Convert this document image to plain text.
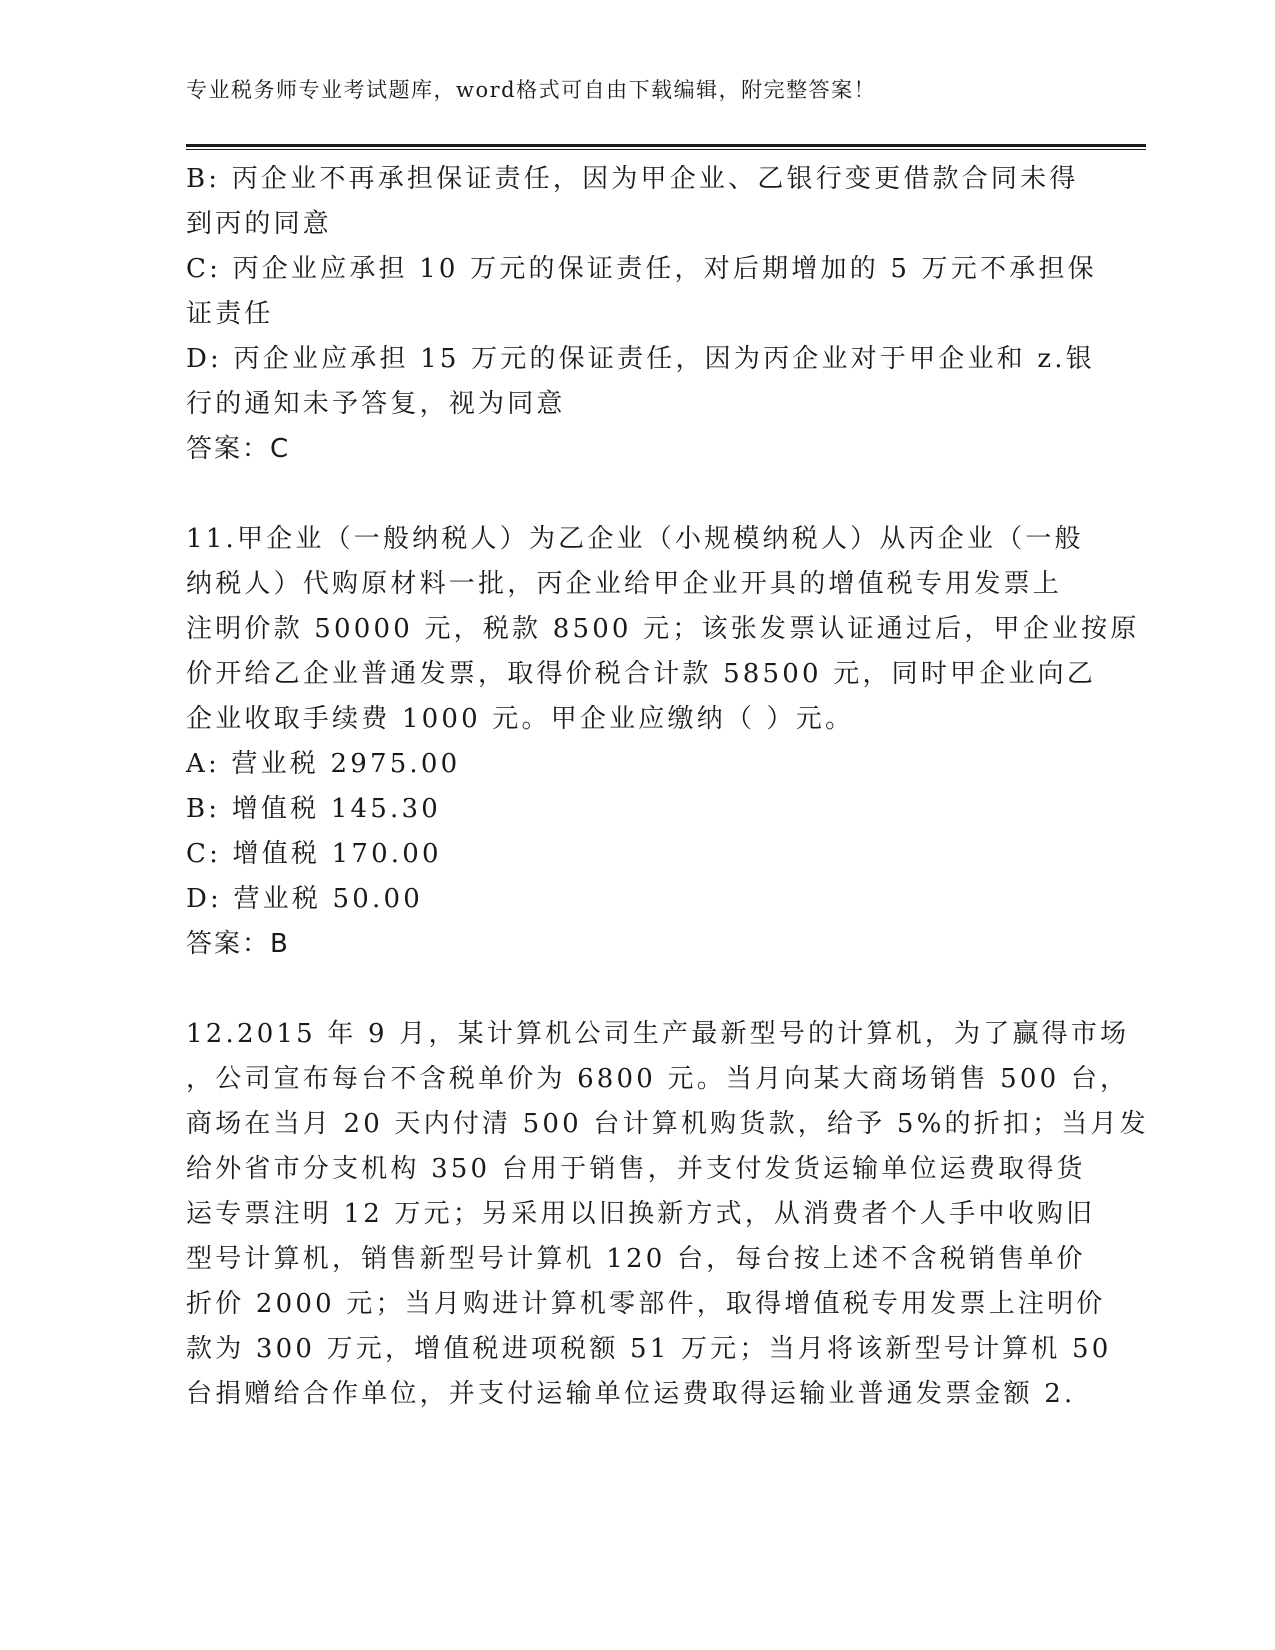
专业税务师专业考试题库，word格式可自由下载编辑，附完整答案！
B: 丙企业不再承担保证责任，因为甲企业、乙银行变更借款合同未得
到丙的同意
C: 丙企业应承担 10 万元的保证责任，对后期增加的 5 万元不承担保
证责任
D: 丙企业应承担 15 万元的保证责任，因为丙企业对于甲企业和 z.银
行的通知未予答复，视为同意
答案：C
11.甲企业（一般纳税人）为乙企业（小规模纳税人）从丙企业（一般
纳税人）代购原材料一批，丙企业给甲企业开具的增值税专用发票上
注明价款 50000 元，税款 8500 元；该张发票认证通过后，甲企业按原
价开给乙企业普通发票，取得价税合计款 58500 元，同时甲企业向乙
企业收取手续费 1000 元。甲企业应缴纳（ ）元。
A: 营业税 2975.00
B: 增值税 145.30
C: 增值税 170.00
D: 营业税 50.00
答案：B
12.2015 年 9 月，某计算机公司生产最新型号的计算机，为了赢得市场
，公司宣布每台不含税单价为 6800 元。当月向某大商场销售 500 台，
商场在当月 20 天内付清 500 台计算机购货款，给予 5%的折扣；当月发
给外省市分支机构 350 台用于销售，并支付发货运输单位运费取得货
运专票注明 12 万元；另采用以旧换新方式，从消费者个人手中收购旧
型号计算机，销售新型号计算机 120 台，每台按上述不含税销售单价
折价 2000 元；当月购进计算机零部件，取得增值税专用发票上注明价
款为 300 万元，增值税进项税额 51 万元；当月将该新型号计算机 50
台捐赠给合作单位，并支付运输单位运费取得运输业普通发票金额 2.
